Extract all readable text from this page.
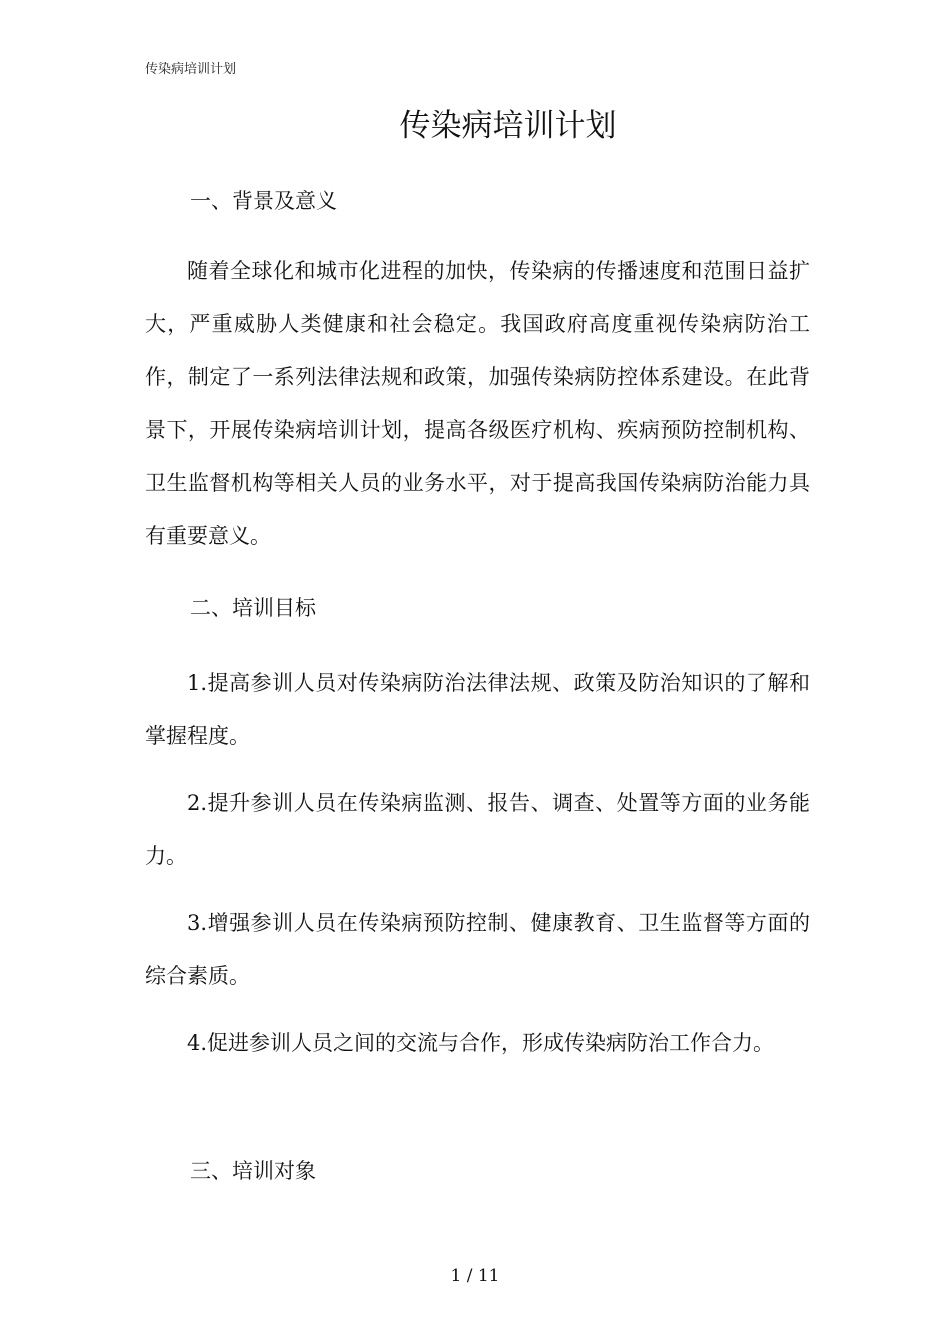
传染病培训计划
传染病培训计划
一、背景及意义
随着全球化和城市化进程的加快，传染病的传播速度和范围日益扩大，严重威胁人类健康和社会稳定。我国政府高度重视传染病防治工作，制定了一系列法律法规和政策，加强传染病防控体系建设。在此背景下，开展传染病培训计划，提高各级医疗机构、疾病预防控制机构、卫生监督机构等相关人员的业务水平，对于提高我国传染病防治能力具有重要意义。
二、培训目标
1.提高参训人员对传染病防治法律法规、政策及防治知识的了解和掌握程度。
2.提升参训人员在传染病监测、报告、调查、处置等方面的业务能力。
3.增强参训人员在传染病预防控制、健康教育、卫生监督等方面的综合素质。
4.促进参训人员之间的交流与合作，形成传染病防治工作合力。
三、培训对象
1 / 11
